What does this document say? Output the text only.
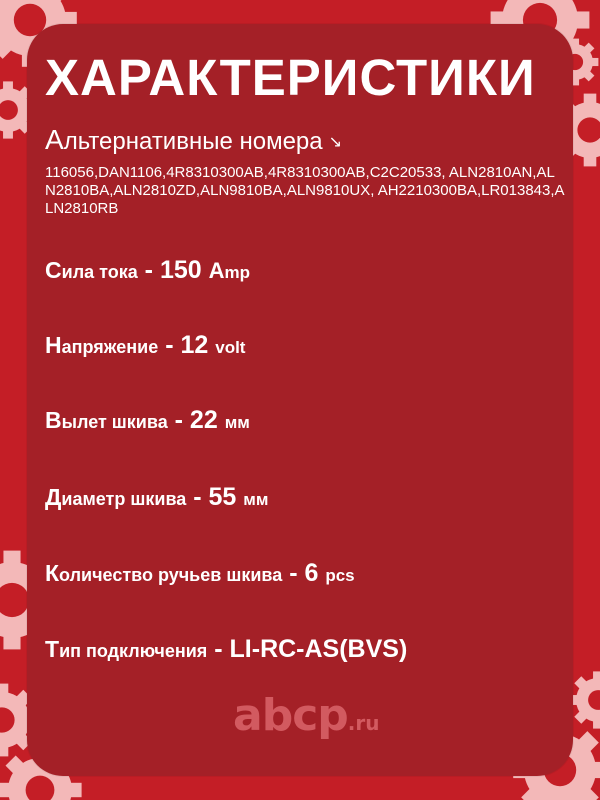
ХАРАКТЕРИСТИКИ

Альтернативные номера ↘

116056,DAN1106,4R8310300AB,4R8310300AB,C2C20533, ALN2810AN,ALN2810BA,ALN2810ZD,ALN9810BA,ALN9810UX, AH2210300BA,LR013843,ALN2810RB

Сила тока - 150 Amp

Напряжение - 12 volt

Вылет шкива - 22 мм

Диаметр шкива - 55 мм

Количество ручьев шкива - 6 pcs

Тип подключения - LI-RC-AS(BVS)

abcp.ru
